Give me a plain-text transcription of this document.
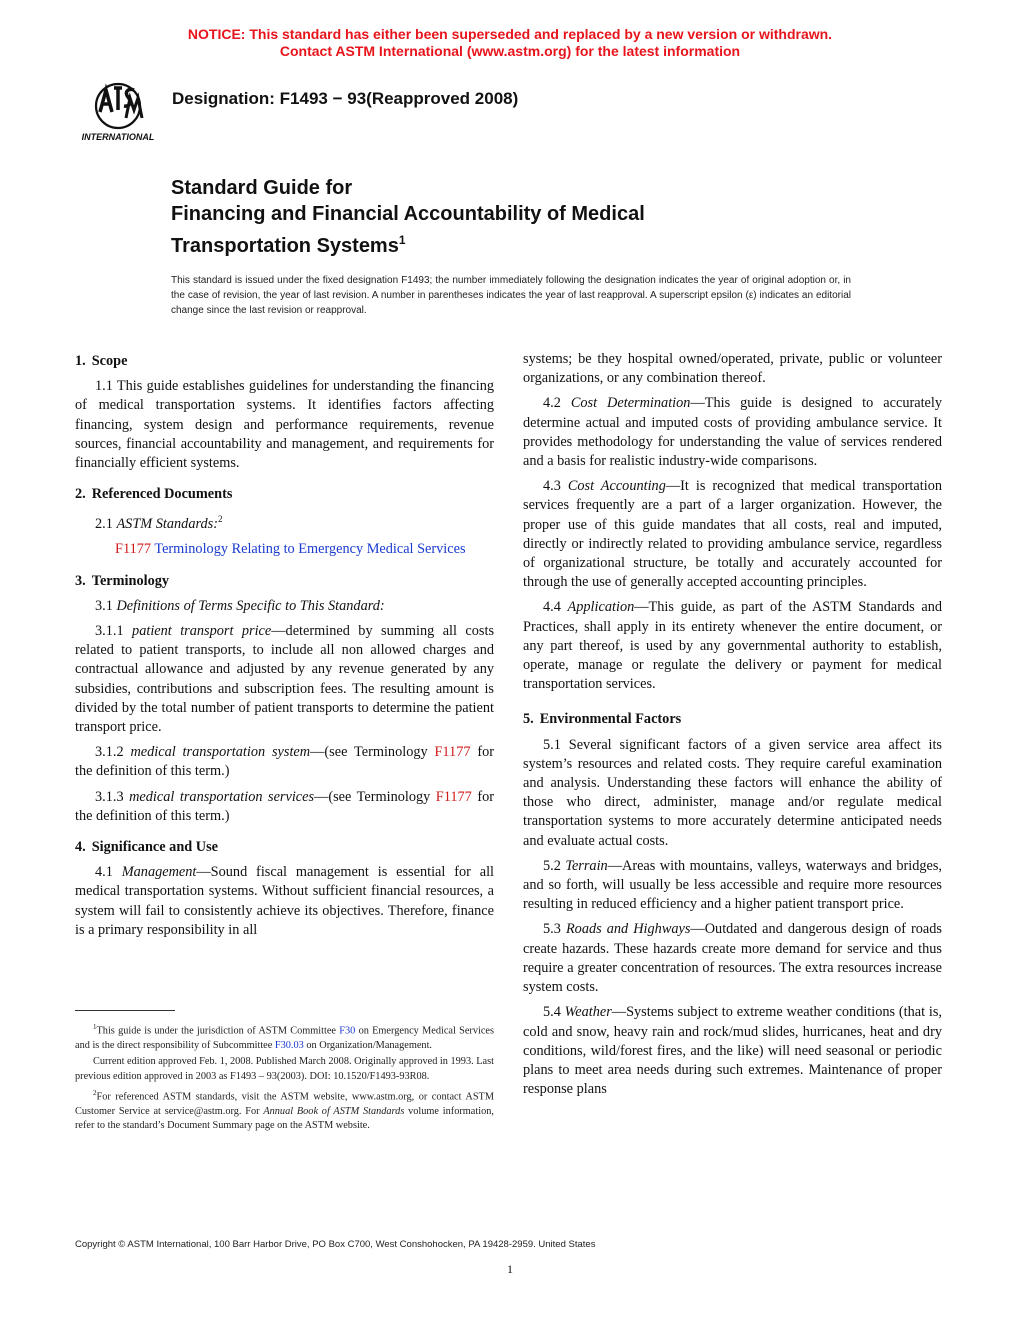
NOTICE: This standard has either been superseded and replaced by a new version or withdrawn.
Contact ASTM International (www.astm.org) for the latest information
INTERNATIONAL
Designation: F1493 − 93(Reapproved 2008)
Standard Guide for
Financing and Financial Accountability of Medical
Transportation Systems$^1$
This standard is issued under the fixed designation F1493; the number immediately following the designation indicates the year of original adoption or, in the case of revision, the year of last revision. A number in parentheses indicates the year of last reapproval. A superscript epsilon (ε) indicates an editorial change since the last revision or reapproval.
1. Scope

1.1 This guide establishes guidelines for understanding the financing of medical transportation systems. It identifies factors affecting financing, system design and performance requirements, revenue sources, financial accountability and management, and requirements for financially efficient systems.

2. Referenced Documents

2.1 ASTM Standards:$^2$

F1177 Terminology Relating to Emergency Medical Services

3. Terminology

3.1 Definitions of Terms Specific to This Standard:

3.1.1 patient transport price—determined by summing all costs related to patient transports, to include all non allowed charges and contractual allowance and adjusted by any revenue generated by any subsidies, contributions and subscription fees. The resulting amount is divided by the total number of patient transports to determine the patient transport price.

3.1.2 medical transportation system—(see Terminology F1177 for the definition of this term.)

3.1.3 medical transportation services—(see Terminology F1177 for the definition of this term.)

4. Significance and Use

4.1 Management—Sound fiscal management is essential for all medical transportation systems. Without sufficient financial resources, a system will fail to consistently achieve its objectives. Therefore, finance is a primary responsibility in all

$^1$This guide is under the jurisdiction of ASTM Committee F30 on Emergency Medical Services and is the direct responsibility of Subcommittee F30.03 on Organization/Management.

Current edition approved Feb. 1, 2008. Published March 2008. Originally approved in 1993. Last previous edition approved in 2003 as F1493 – 93(2003). DOI: 10.1520/F1493-93R08.

$^2$For referenced ASTM standards, visit the ASTM website, www.astm.org, or contact ASTM Customer Service at service@astm.org. For Annual Book of ASTM Standards volume information, refer to the standard’s Document Summary page on the ASTM website.

systems; be they hospital owned/operated, private, public or volunteer organizations, or any combination thereof.

4.2 Cost Determination—This guide is designed to accurately determine actual and imputed costs of providing ambulance service. It provides methodology for understanding the value of services rendered and a basis for realistic industry-wide comparisons.

4.3 Cost Accounting—It is recognized that medical transportation services frequently are a part of a larger organization. However, the proper use of this guide mandates that all costs, real and imputed, directly or indirectly related to providing ambulance service, regardless of organizational structure, be totally and accurately accounted for through the use of generally accepted accounting principles.

4.4 Application—This guide, as part of the ASTM Standards and Practices, shall apply in its entirety whenever the entire document, or any part thereof, is used by any governmental authority to establish, operate, manage or regulate the delivery or payment for medical transportation services.

5. Environmental Factors

5.1 Several significant factors of a given service area affect its system’s resources and related costs. They require careful examination and analysis. Understanding these factors will enhance the ability of those who direct, administer, manage and/or regulate medical transportation systems to more accurately determine anticipated needs and evaluate actual costs.

5.2 Terrain—Areas with mountains, valleys, waterways and bridges, and so forth, will usually be less accessible and require more resources resulting in reduced efficiency and a higher patient transport price.

5.3 Roads and Highways—Outdated and dangerous design of roads create hazards. These hazards create more demand for service and thus require a greater concentration of resources. The extra resources increase system costs.

5.4 Weather—Systems subject to extreme weather conditions (that is, cold and snow, heavy rain and rock/mud slides, hurricanes, heat and dry conditions, wild/forest fires, and the like) will need seasonal or periodic plans to meet area needs during such extremes. Maintenance of proper response plans

Copyright © ASTM International, 100 Barr Harbor Drive, PO Box C700, West Conshohocken, PA 19428-2959. United States
1
